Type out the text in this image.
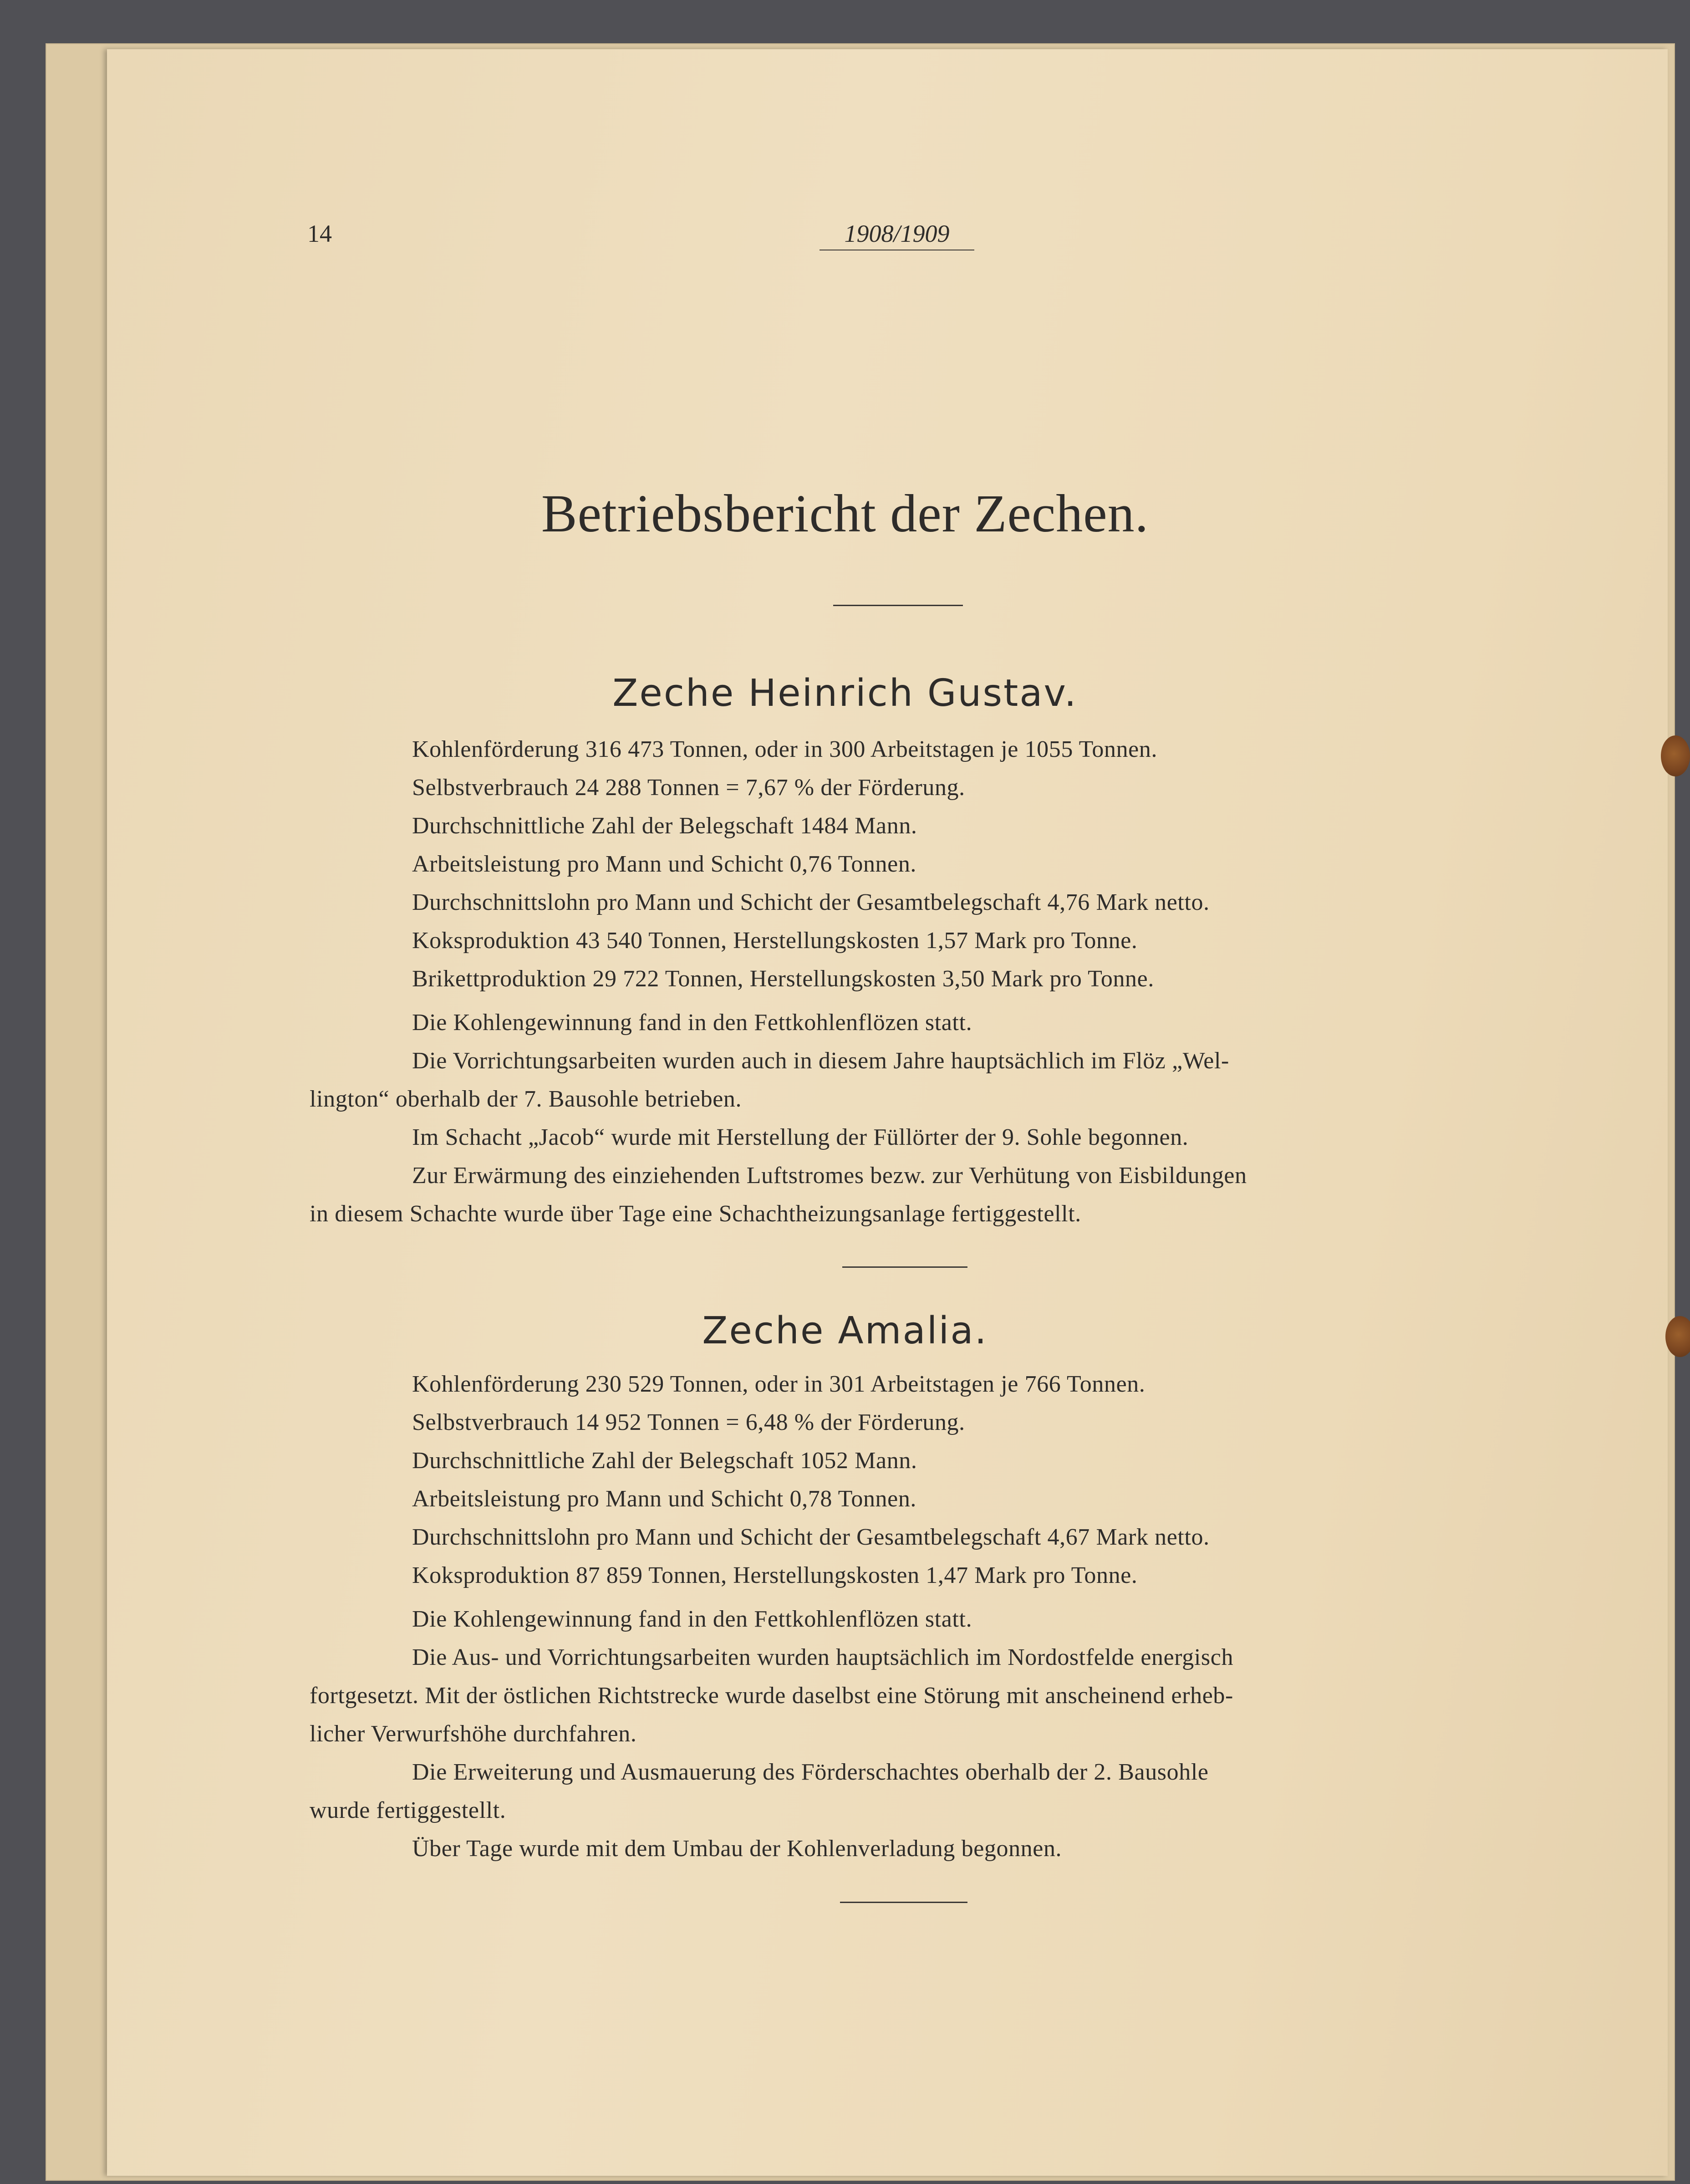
14	1908/1909
Betriebsbericht der Zechen.
Zeche Heinrich Gustav.
Kohlenförderung 316 473 Tonnen, oder in 300 Arbeitstagen je 1055 Tonnen.
Selbstverbrauch 24 288 Tonnen = 7,67 % der Förderung.
Durchschnittliche Zahl der Belegschaft 1484 Mann.
Arbeitsleistung pro Mann und Schicht 0,76 Tonnen.
Durchschnittslohn pro Mann und Schicht der Gesamtbelegschaft 4,76 Mark netto.
Koksproduktion 43 540 Tonnen, Herstellungskosten 1,57 Mark pro Tonne.
Brikettproduktion 29 722 Tonnen, Herstellungskosten 3,50 Mark pro Tonne.
Die Kohlengewinnung fand in den Fettkohlenflözen statt.
Die Vorrichtungsarbeiten wurden auch in diesem Jahre hauptsächlich im Flöz „Wel-
lington“ oberhalb der 7. Bausohle betrieben.
Im Schacht „Jacob“ wurde mit Herstellung der Füllörter der 9. Sohle begonnen.
Zur Erwärmung des einziehenden Luftstromes bezw. zur Verhütung von Eisbildungen
in diesem Schachte wurde über Tage eine Schachtheizungsanlage fertiggestellt.
Zeche Amalia.
Kohlenförderung 230 529 Tonnen, oder in 301 Arbeitstagen je 766 Tonnen.
Selbstverbrauch 14 952 Tonnen = 6,48 % der Förderung.
Durchschnittliche Zahl der Belegschaft 1052 Mann.
Arbeitsleistung pro Mann und Schicht 0,78 Tonnen.
Durchschnittslohn pro Mann und Schicht der Gesamtbelegschaft 4,67 Mark netto.
Koksproduktion 87 859 Tonnen, Herstellungskosten 1,47 Mark pro Tonne.
Die Kohlengewinnung fand in den Fettkohlenflözen statt.
Die Aus- und Vorrichtungsarbeiten wurden hauptsächlich im Nordostfelde energisch
fortgesetzt. Mit der östlichen Richtstrecke wurde daselbst eine Störung mit anscheinend erheb-
licher Verwurfshöhe durchfahren.
Die Erweiterung und Ausmauerung des Förderschachtes oberhalb der 2. Bausohle
wurde fertiggestellt.
Über Tage wurde mit dem Umbau der Kohlenverladung begonnen.
